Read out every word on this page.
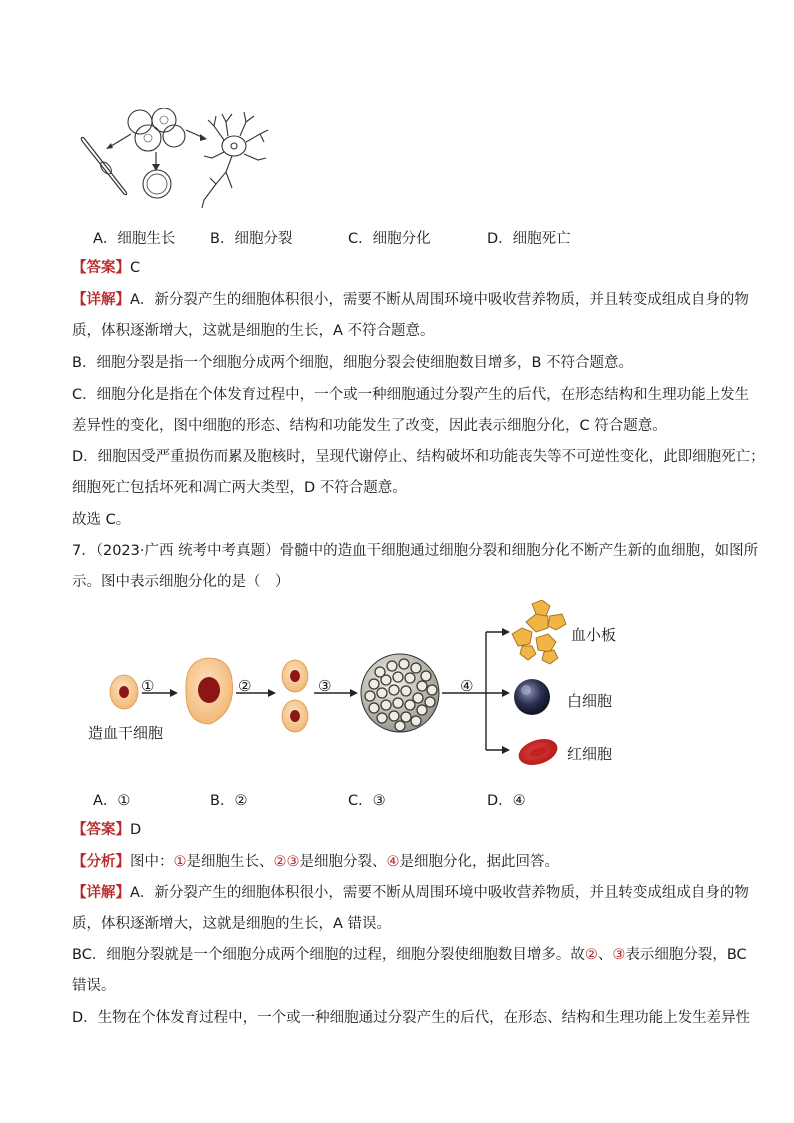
A．细胞生长 B．细胞分裂	C．细胞分化	D．细胞死亡
【答案】C
【详解】A．新分裂产生的细胞体积很小，需要不断从周围环境中吸收营养物质，并且转变成组成自身的物
质，体积逐渐增大，这就是细胞的生长，A 不符合题意。
B．细胞分裂是指一个细胞分成两个细胞，细胞分裂会使细胞数目增多，B 不符合题意。
C．细胞分化是指在个体发育过程中，一个或一种细胞通过分裂产生的后代，在形态结构和生理功能上发生
差异性的变化，图中细胞的形态、结构和功能发生了改变，因此表示细胞分化，C 符合题意。
D．细胞因受严重损伤而累及胞核时，呈现代谢停止、结构破坏和功能丧失等不可逆性变化，此即细胞死亡；
细胞死亡包括坏死和凋亡两大类型，D 不符合题意。
故选 C。
7．（2023·广西 统考中考真题）骨髓中的造血干细胞通过细胞分裂和细胞分化不断产生新的血细胞，如图所
示。图中表示细胞分化的是（　）
①	②	③	④
造血干细胞
血小板
白细胞
红细胞
A．①	B．②	C．③	D．④
【答案】D
【分析】图中：①是细胞生长、②③是细胞分裂、④是细胞分化，据此回答。
【详解】A．新分裂产生的细胞体积很小，需要不断从周围环境中吸收营养物质，并且转变成组成自身的物
质，体积逐渐增大，这就是细胞的生长，A 错误。
BC．细胞分裂就是一个细胞分成两个细胞的过程，细胞分裂使细胞数目增多。故②、③表示细胞分裂，BC
错误。
D．生物在个体发育过程中，一个或一种细胞通过分裂产生的后代，在形态、结构和生理功能上发生差异性
